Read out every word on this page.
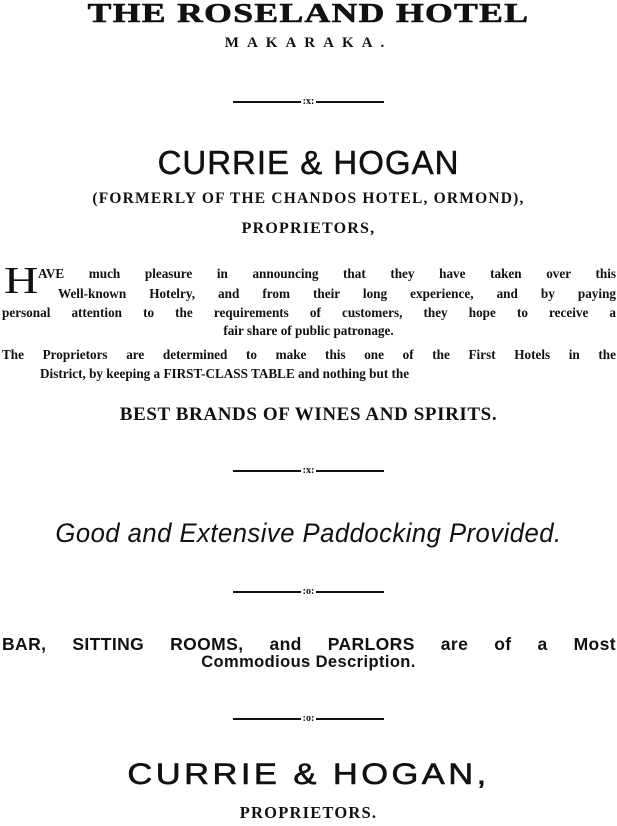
THE ROSELAND HOTEL
MAKARAKA.
:x:
CURRIE & HOGAN
(FORMERLY OF THE CHANDOS HOTEL, ORMOND),
PROPRIETORS,
H AVE much pleasure in announcing that they have taken over this
Well-known Hotelry, and from their long experience, and by paying
personal attention to the requirements of customers, they hope to receive a
fair share of public patronage.
The Proprietors are determined to make this one of the First Hotels in the
District, by keeping a FIRST-CLASS TABLE and nothing but the
BEST BRANDS OF WINES AND SPIRITS.
:x:
Good and Extensive Paddocking Provided.
:o:
BAR, SITTING ROOMS, and PARLORS are of a Most
Commodious Description.
:o:
CURRIE & HOGAN,
PROPRIETORS.
